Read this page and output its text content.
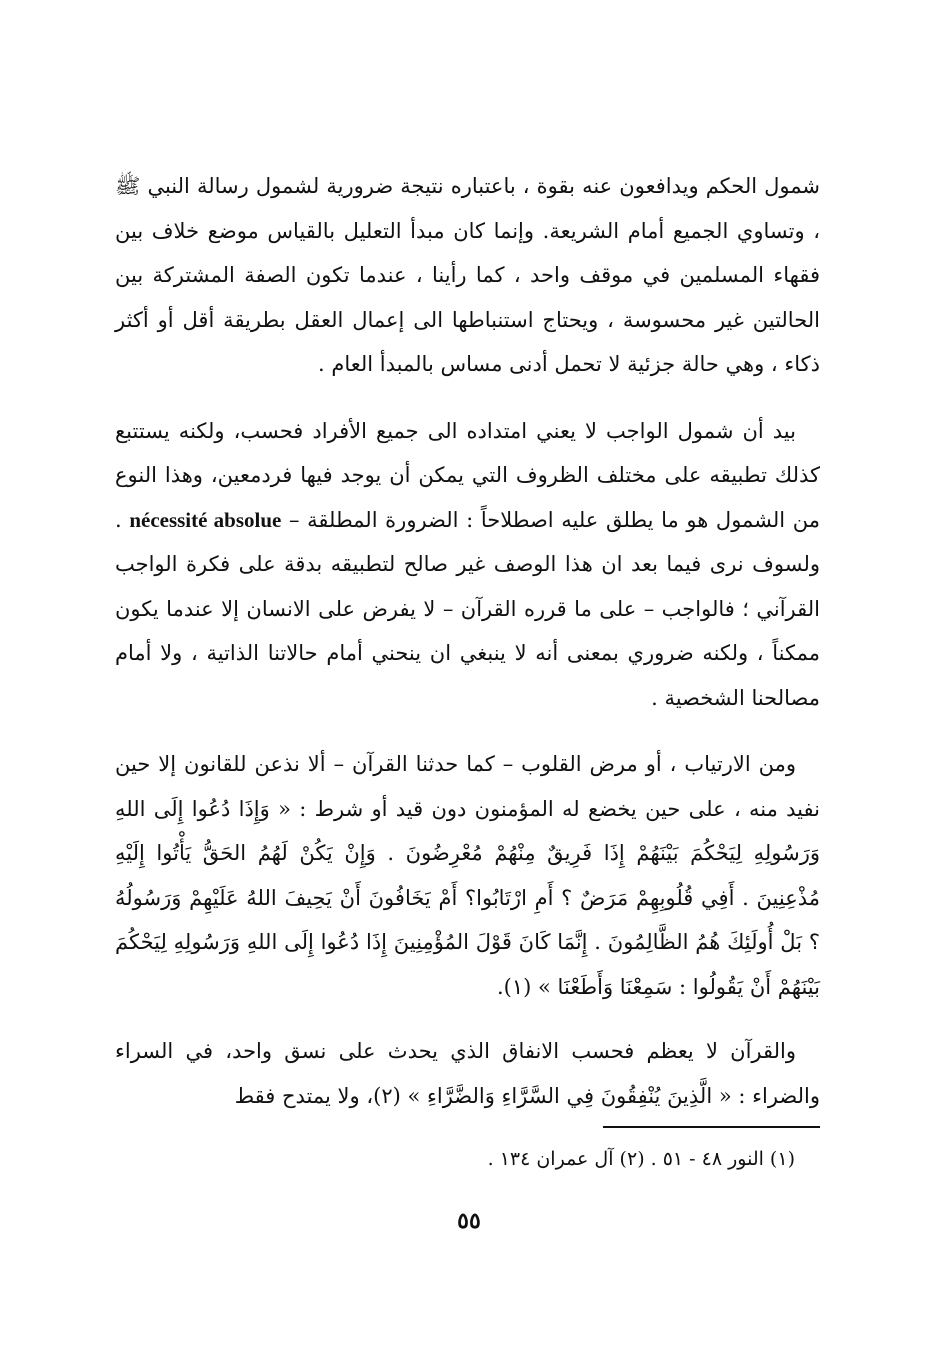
شمول الحكم ويدافعون عنه بقوة ، باعتباره نتيجة ضرورية لشمول رسالة النبي ﷺ ، وتساوي الجميع أمام الشريعة. وإنما كان مبدأ التعليل بالقياس موضع خلاف بين فقهاء المسلمين في موقف واحد ، كما رأينا ، عندما تكون الصفة المشتركة بين الحالتين غير محسوسة ، ويحتاج استنباطها الى إعمال العقل بطريقة أقل أو أكثر ذكاء ، وهي حالة جزئية لا تحمل أدنى مساس بالمبدأ العام .

بيد أن شمول الواجب لا يعني امتداده الى جميع الأفراد فحسب، ولكنه يستتبع كذلك تطبيقه على مختلف الظروف التي يمكن أن يوجد فيها فردمعين، وهذا النوع من الشمول هو ما يطلق عليه اصطلاحاً : الضرورة المطلقة – nécessité absolue . ولسوف نرى فيما بعد ان هذا الوصف غير صالح لتطبيقه بدقة على فكرة الواجب القرآني ؛ فالواجب – على ما قرره القرآن – لا يفرض على الانسان إلا عندما يكون ممكناً ، ولكنه ضروري بمعنى أنه لا ينبغي ان ينحني أمام حالاتنا الذاتية ، ولا أمام مصالحنا الشخصية .

ومن الارتياب ، أو مرض القلوب – كما حدثنا القرآن – ألا نذعن للقانون إلا حين نفيد منه ، على حين يخضع له المؤمنون دون قيد أو شرط : « وَإِذَا دُعُوا إِلَى اللهِ وَرَسُولِهِ لِيَحْكُمَ بَيْنَهُمْ إِذَا فَرِيقٌ مِنْهُمْ مُعْرِضُونَ . وَإِنْ يَكُنْ لَهُمُ الحَقُّ يَأْتُوا إِلَيْهِ مُذْعِنِينَ . أَفِي قُلُوبِهِمْ مَرَضٌ ؟ أَمِ ارْتَابُوا؟ أَمْ يَخَافُونَ أَنْ يَحِيفَ اللهُ عَلَيْهِمْ وَرَسُولُهُ ؟ بَلْ أُولَئِكَ هُمُ الظَّالِمُونَ . إِنَّمَا كَانَ قَوْلَ المُؤْمِنِينَ إِذَا دُعُوا إِلَى اللهِ وَرَسُولِهِ لِيَحْكُمَ بَيْنَهُمْ أَنْ يَقُولُوا : سَمِعْنَا وَأَطَعْنَا » (١).

والقرآن لا يعظم فحسب الانفاق الذي يحدث على نسق واحد، في السراء والضراء : « الَّذِينَ يُنْفِقُونَ فِي السَّرَّاءِ وَالضَّرَّاءِ » (٢)، ولا يمتدح فقط

(١) النور ٤٨ - ٥١ . (٢) آل عمران ١٣٤ .
٥٥
